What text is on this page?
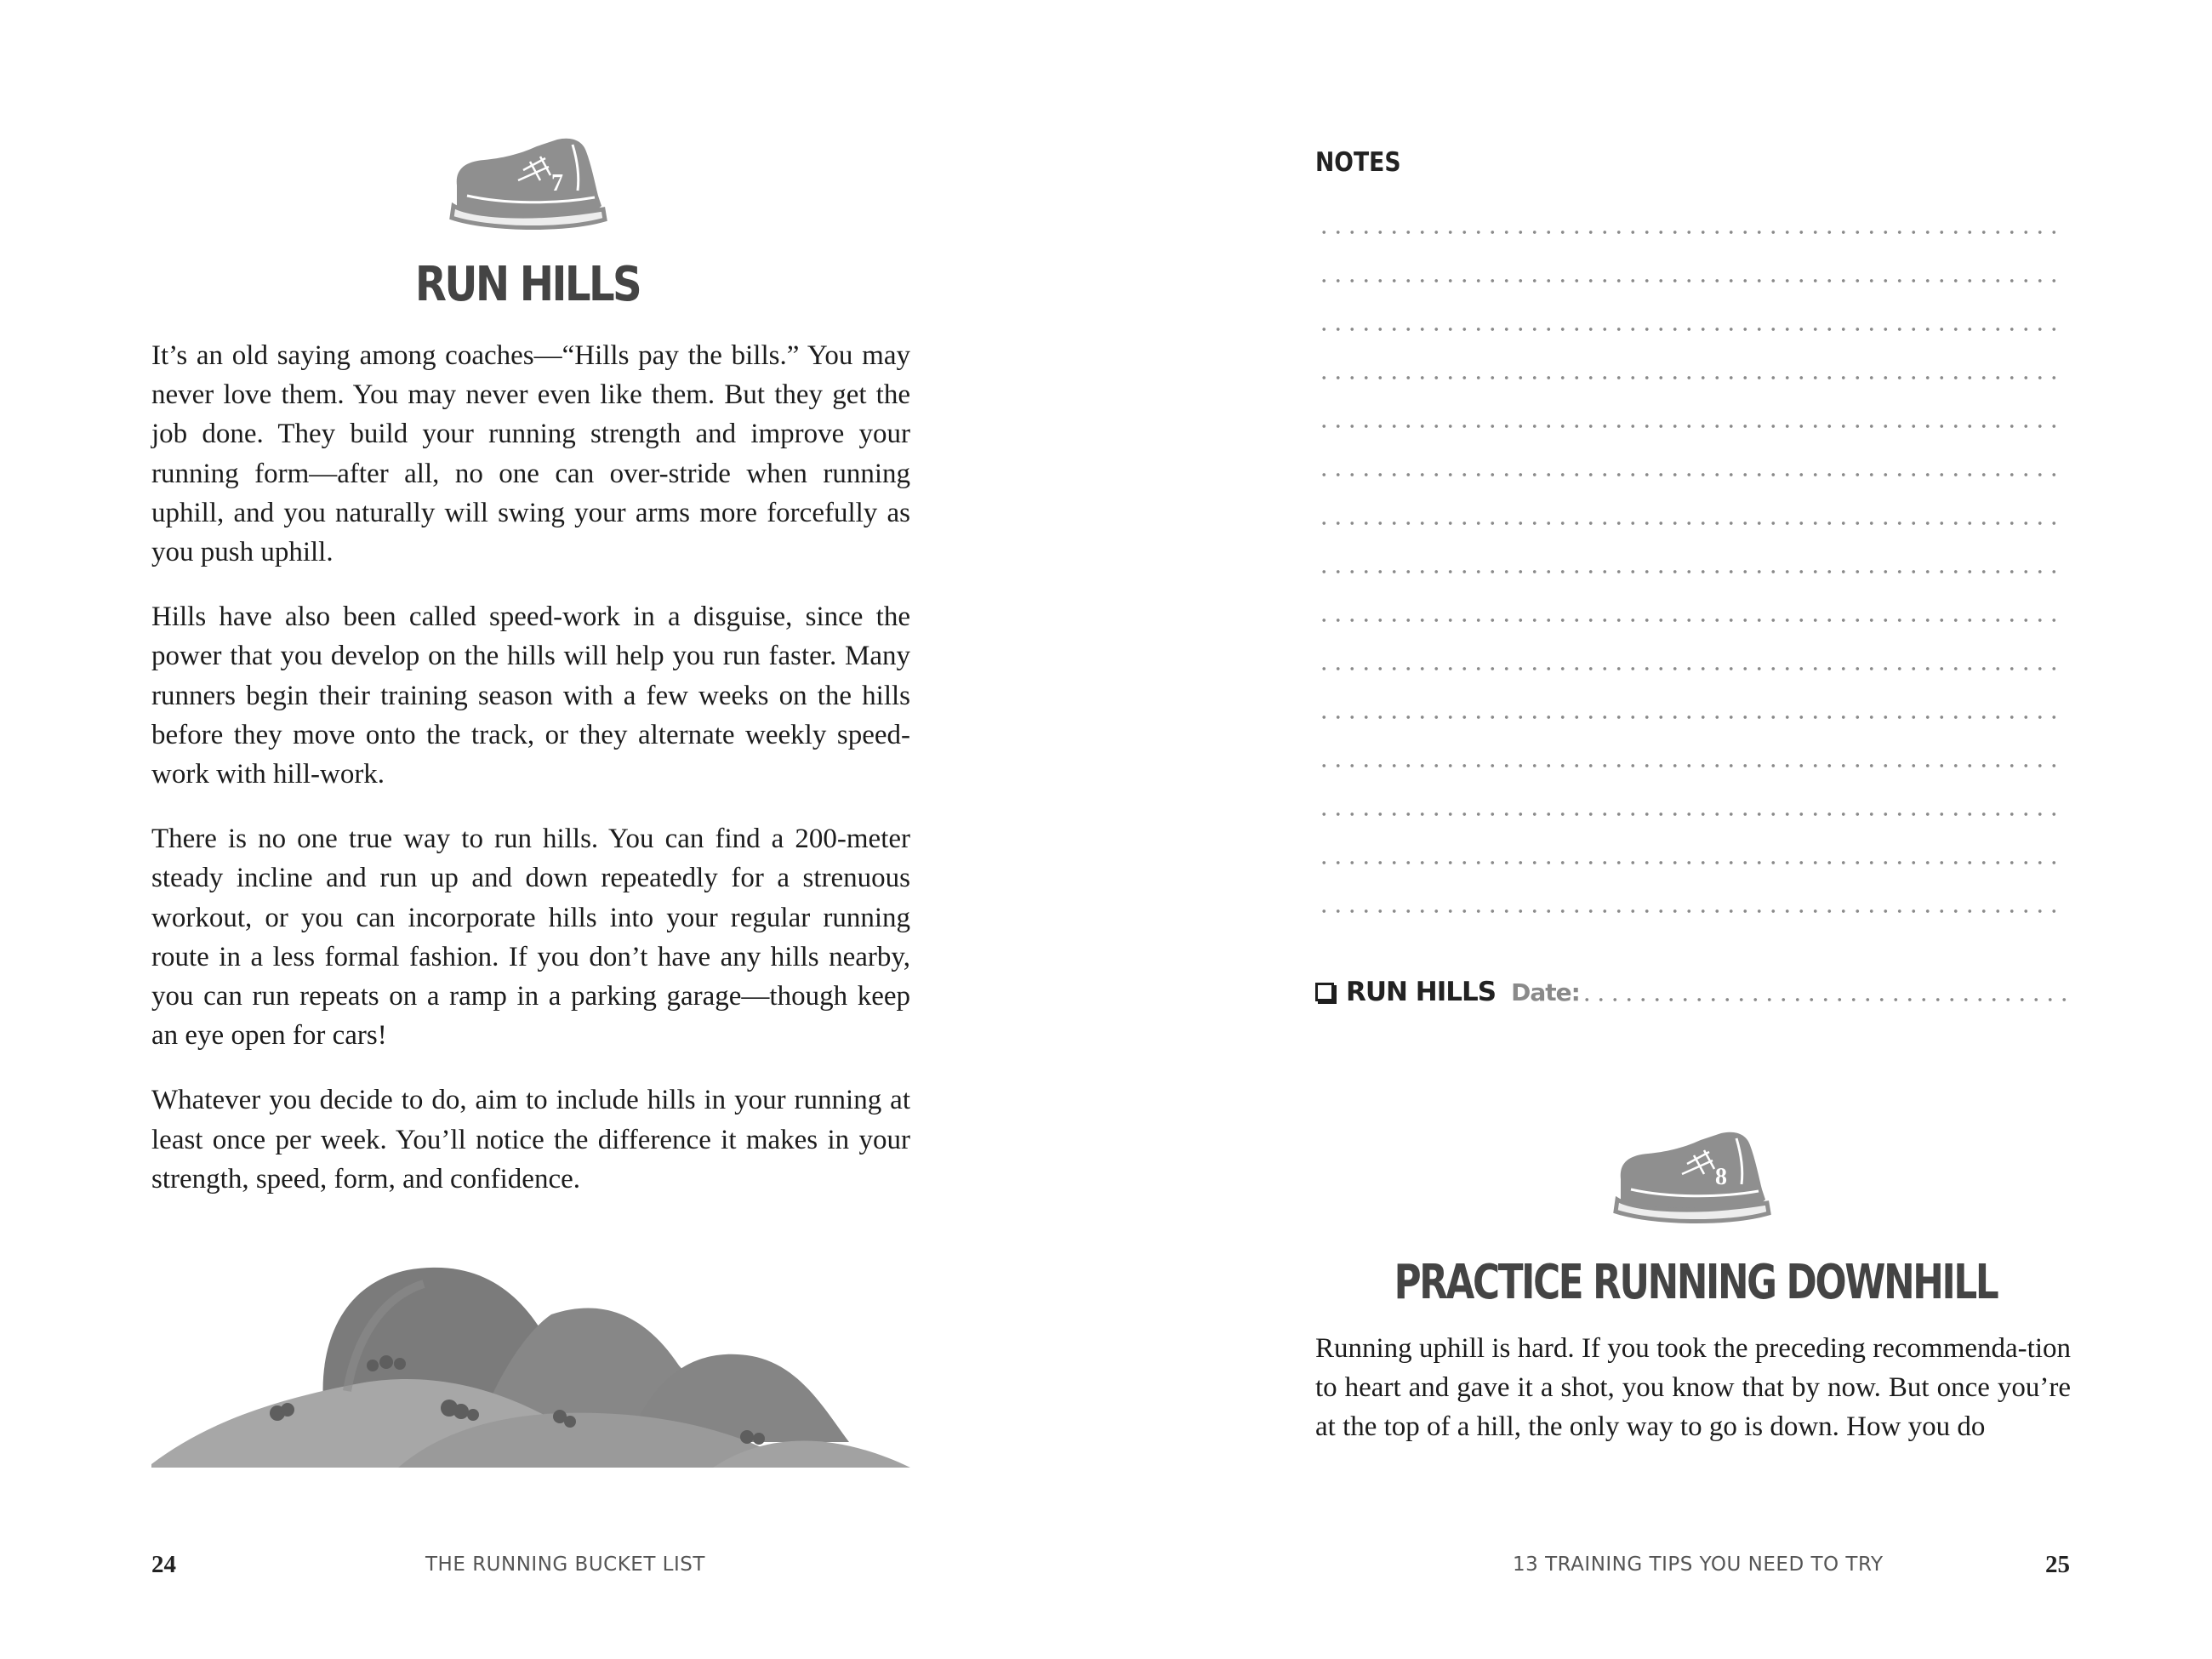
7
RUN HILLS

It’s an old saying among coaches—“Hills pay the bills.” You may never love them. You may never even like them. But they get the job done. They build your running strength and improve your running form—after all, no one can over-stride when running uphill, and you naturally will swing your arms more forcefully as you push uphill.

Hills have also been called speed-work in a disguise, since the power that you develop on the hills will help you run faster. Many runners begin their training season with a few weeks on the hills before they move onto the track, or they alternate weekly speed-work with hill-work.

There is no one true way to run hills. You can find a 200-meter steady incline and run up and down repeatedly for a strenuous workout, or you can incorporate hills into your regular running route in a less formal fashion. If you don’t have any hills nearby, you can run repeats on a ramp in a parking garage—though keep an eye open for cars!

Whatever you decide to do, aim to include hills in your running at least once per week. You’ll notice the difference it makes in your strength, speed, form, and confidence.

24	THE RUNNING BUCKET LIST
NOTES
RUN HILLS Date:
8
PRACTICE RUNNING DOWNHILL

Running uphill is hard. If you took the preceding recommenda-tion to heart and gave it a shot, you know that by now. But once you’re at the top of a hill, the only way to go is down. How you do

13 TRAINING TIPS YOU NEED TO TRY	25
